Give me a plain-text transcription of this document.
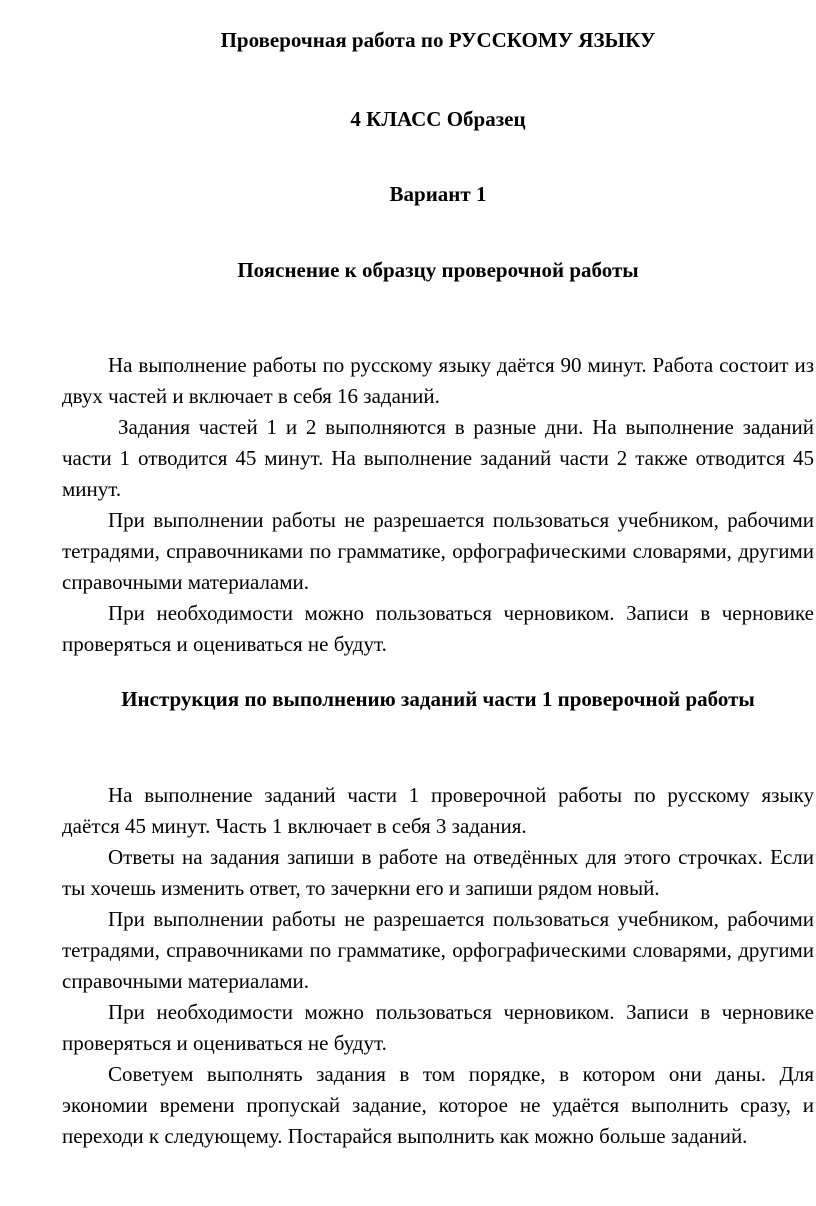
Проверочная работа по РУССКОМУ ЯЗЫКУ
4 КЛАСС Образец
Вариант 1
Пояснение к образцу проверочной работы

На выполнение работы по русскому языку даётся 90 минут. Работа состоит из двух частей и включает в себя 16 заданий.

Задания частей 1 и 2 выполняются в разные дни. На выполнение заданий части 1 отводится 45 минут. На выполнение заданий части 2 также отводится 45 минут.

При выполнении работы не разрешается пользоваться учебником, рабочими тетрадями, справочниками по грамматике, орфографическими словарями, другими справочными материалами.

При необходимости можно пользоваться черновиком. Записи в черновике проверяться и оцениваться не будут.

Инструкция по выполнению заданий части 1 проверочной работы

На выполнение заданий части 1 проверочной работы по русскому языку даётся 45 минут. Часть 1 включает в себя 3 задания.

Ответы на задания запиши в работе на отведённых для этого строчках. Если ты хочешь изменить ответ, то зачеркни его и запиши рядом новый.

При выполнении работы не разрешается пользоваться учебником, рабочими тетрадями, справочниками по грамматике, орфографическими словарями, другими справочными материалами.

При необходимости можно пользоваться черновиком. Записи в черновике проверяться и оцениваться не будут.

Советуем выполнять задания в том порядке, в котором они даны. Для экономии времени пропускай задание, которое не удаётся выполнить сразу, и переходи к следующему. Постарайся выполнить как можно больше заданий.
